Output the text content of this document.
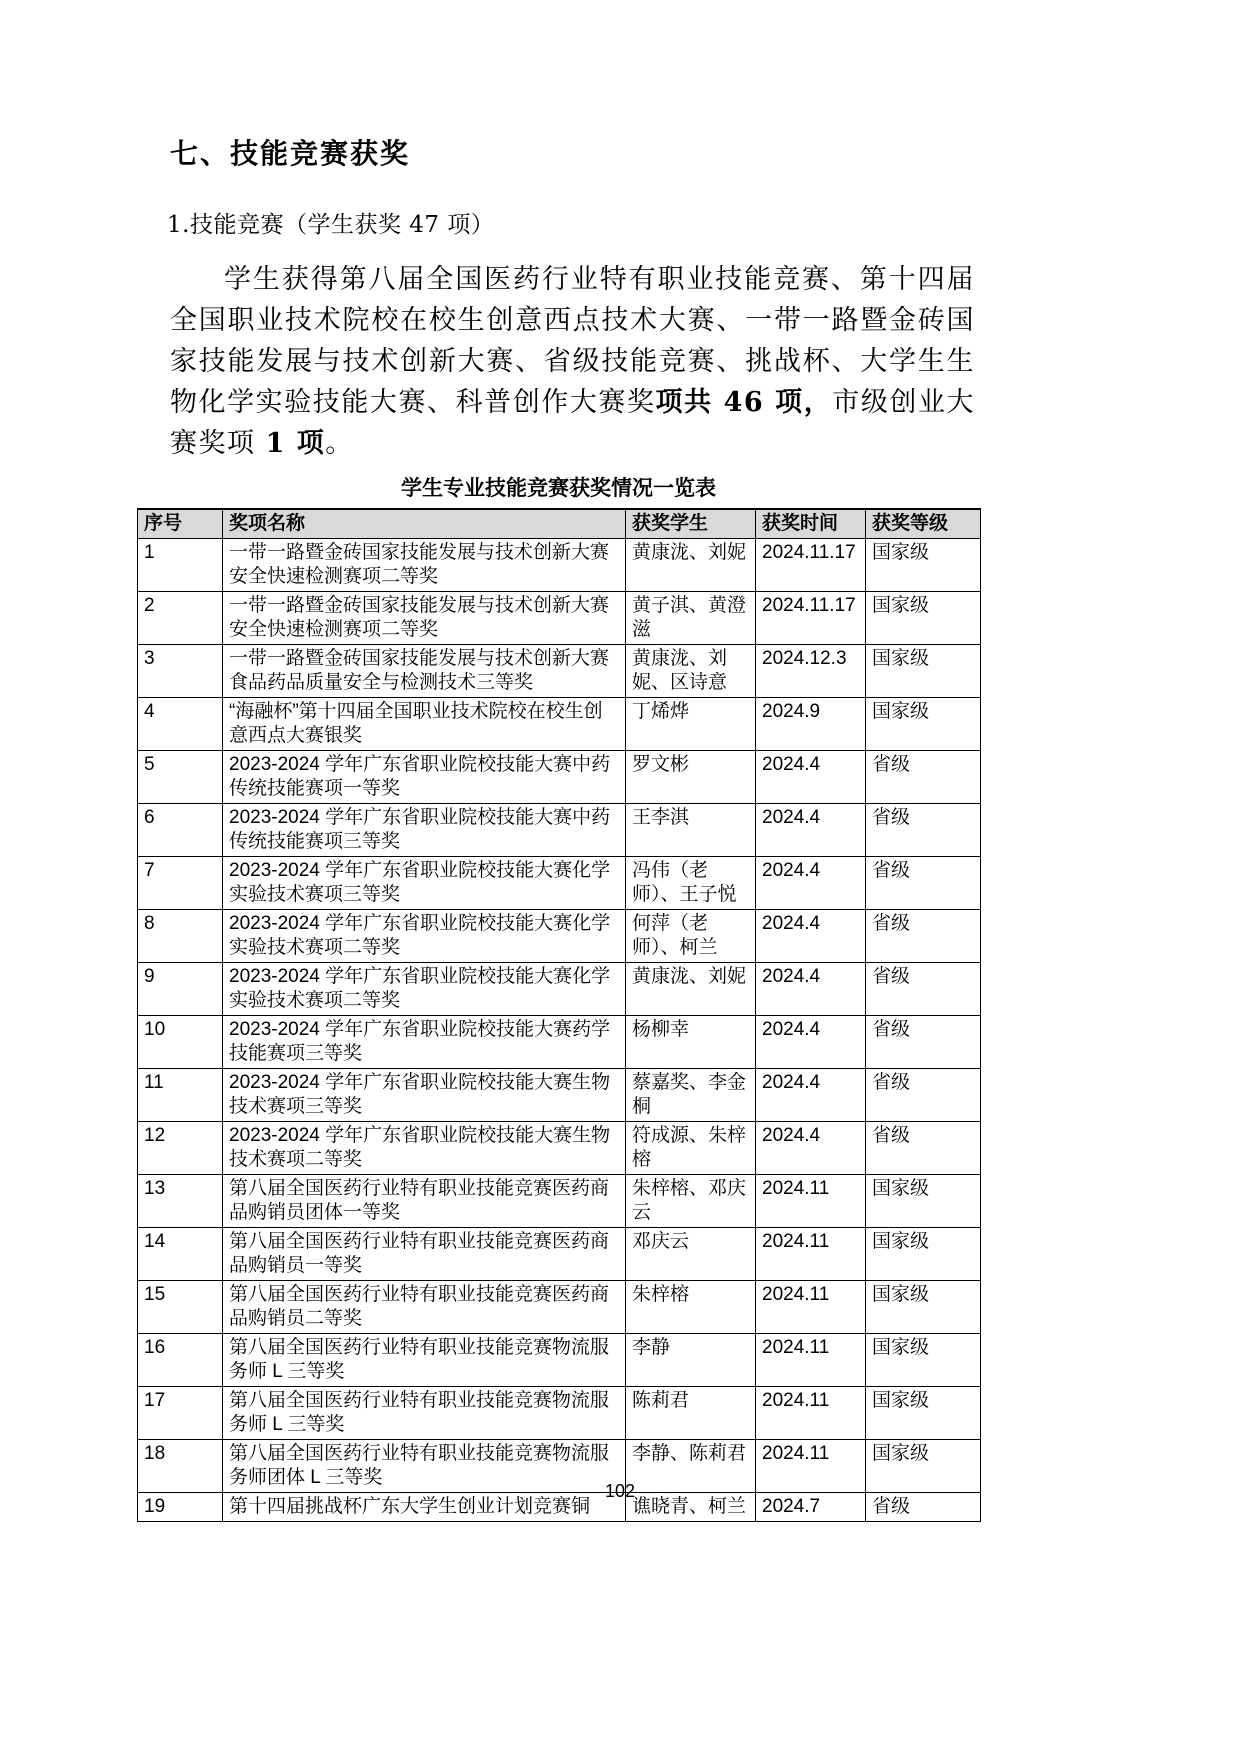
七、技能竞赛获奖
1.技能竞赛（学生获奖 47 项）

学生获得第八届全国医药行业特有职业技能竞赛、第十四届全国职业技术院校在校生创意西点技术大赛、一带一路暨金砖国家技能发展与技术创新大赛、省级技能竞赛、挑战杯、大学生生物化学实验技能大赛、科普创作大赛奖项共 46 项，市级创业大赛奖项 1 项。

学生专业技能竞赛获奖情况一览表
序号	奖项名称	获奖学生	获奖时间	获奖等级
1	一带一路暨金砖国家技能发展与技术创新大赛安全快速检测赛项二等奖	黄康泷、刘妮	2024.11.17	国家级
2	一带一路暨金砖国家技能发展与技术创新大赛安全快速检测赛项二等奖	黄子淇、黄澄滋	2024.11.17	国家级
3	一带一路暨金砖国家技能发展与技术创新大赛食品药品质量安全与检测技术三等奖	黄康泷、刘妮、区诗意	2024.12.3	国家级
4	“海融杯”第十四届全国职业技术院校在校生创意西点大赛银奖	丁烯烨	2024.9	国家级
5	2023-2024 学年广东省职业院校技能大赛中药传统技能赛项一等奖	罗文彬	2024.4	省级
6	2023-2024 学年广东省职业院校技能大赛中药传统技能赛项三等奖	王李淇	2024.4	省级
7	2023-2024 学年广东省职业院校技能大赛化学实验技术赛项三等奖	冯伟（老师）、王子悦	2024.4	省级
8	2023-2024 学年广东省职业院校技能大赛化学实验技术赛项二等奖	何萍（老师）、柯兰	2024.4	省级
9	2023-2024 学年广东省职业院校技能大赛化学实验技术赛项二等奖	黄康泷、刘妮	2024.4	省级
10	2023-2024 学年广东省职业院校技能大赛药学技能赛项三等奖	杨柳幸	2024.4	省级
11	2023-2024 学年广东省职业院校技能大赛生物技术赛项三等奖	蔡嘉奖、李金桐	2024.4	省级
12	2023-2024 学年广东省职业院校技能大赛生物技术赛项二等奖	符成源、朱梓榕	2024.4	省级
13	第八届全国医药行业特有职业技能竞赛医药商品购销员团体一等奖	朱梓榕、邓庆云	2024.11	国家级
14	第八届全国医药行业特有职业技能竞赛医药商品购销员一等奖	邓庆云	2024.11	国家级
15	第八届全国医药行业特有职业技能竞赛医药商品购销员二等奖	朱梓榕	2024.11	国家级
16	第八届全国医药行业特有职业技能竞赛物流服务师 L 三等奖	李静	2024.11	国家级
17	第八届全国医药行业特有职业技能竞赛物流服务师 L 三等奖	陈莉君	2024.11	国家级
18	第八届全国医药行业特有职业技能竞赛物流服务师团体 L 三等奖	李静、陈莉君	2024.11	国家级
19	第十四届挑战杯广东大学生创业计划竞赛铜	谯晓青、柯兰	2024.7	省级
102
